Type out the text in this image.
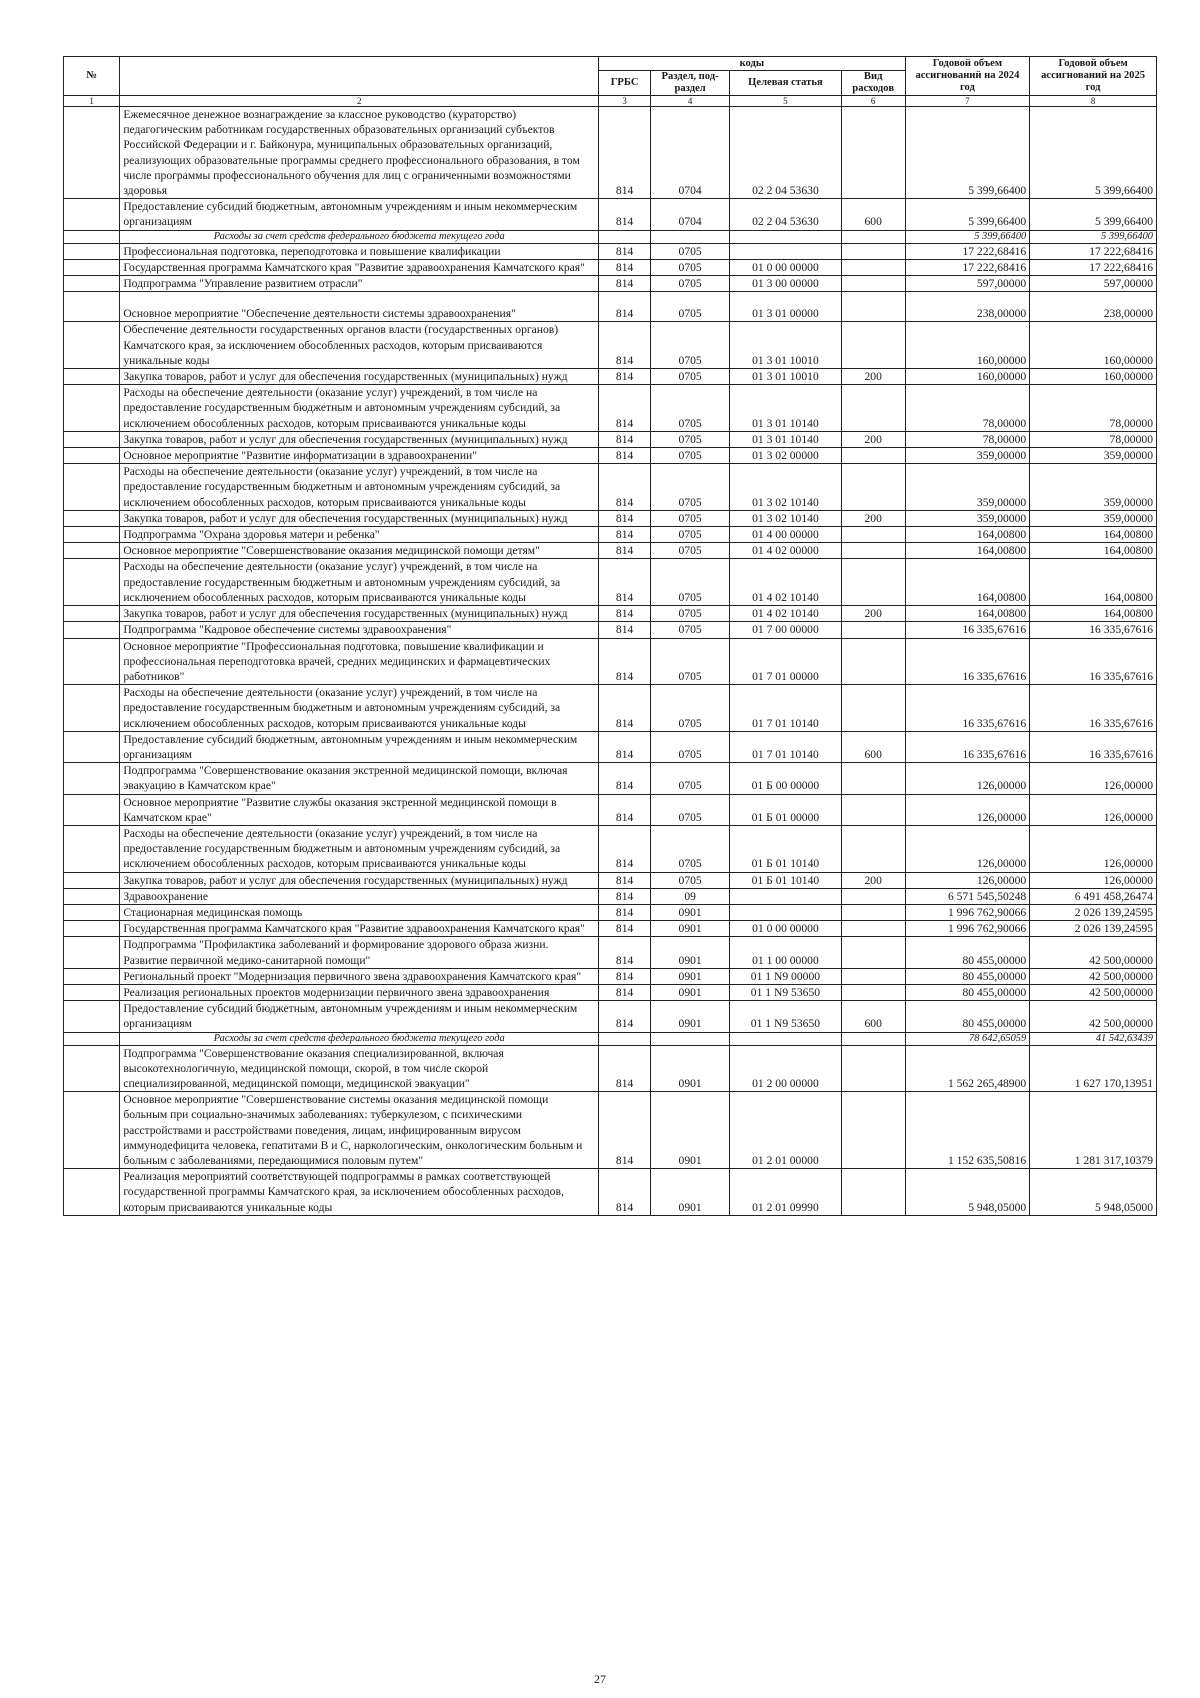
№		коды				Годовой объем ассигнований на 2024 год	Годовой объем ассигнований на 2025 год
		ГРБС	Раздел, под-раздел	Целевая статья	Вид расходов		
1	2	3	4	5	6	7	8
	Ежемесячное денежное вознаграждение за классное руководство (кураторство) педагогическим работникам государственных образовательных организаций субъектов Российской Федерации и г. Байконура, муниципальных образовательных организаций, реализующих образовательные программы среднего профессионального образования, в том числе программы профессионального обучения для лиц с ограниченными возможностями здоровья	814	0704	02 2 04 53630		5 399,66400	5 399,66400
	Предоставление субсидий бюджетным, автономным учреждениям и иным некоммерческим организациям	814	0704	02 2 04 53630	600	5 399,66400	5 399,66400
	Расходы за счет средств федерального бюджета текущего года					5 399,66400	5 399,66400
	Профессиональная подготовка, переподготовка и повышение квалификации	814	0705			17 222,68416	17 222,68416
	Государственная программа Камчатского края "Развитие здравоохранения Камчатского края"	814	0705	01 0 00 00000		17 222,68416	17 222,68416
	Подпрограмма "Управление развитием отрасли"	814	0705	01 3 00 00000		597,00000	597,00000
	Основное мероприятие "Обеспечение деятельности системы здравоохранения"	814	0705	01 3 01 00000		238,00000	238,00000
	Обеспечение деятельности государственных органов власти (государственных органов) Камчатского края, за исключением обособленных расходов, которым присваиваются уникальные коды	814	0705	01 3 01 10010		160,00000	160,00000
	Закупка товаров, работ и услуг для обеспечения государственных (муниципальных) нужд	814	0705	01 3 01 10010	200	160,00000	160,00000
	Расходы на обеспечение деятельности (оказание услуг) учреждений, в том числе на предоставление государственным бюджетным и автономным учреждениям субсидий, за исключением обособленных расходов, которым присваиваются уникальные коды	814	0705	01 3 01 10140		78,00000	78,00000
	Закупка товаров, работ и услуг для обеспечения государственных (муниципальных) нужд	814	0705	01 3 01 10140	200	78,00000	78,00000
	Основное мероприятие "Развитие информатизации в здравоохранении"	814	0705	01 3 02 00000		359,00000	359,00000
	Расходы на обеспечение деятельности (оказание услуг) учреждений, в том числе на предоставление государственным бюджетным и автономным учреждениям субсидий, за исключением обособленных расходов, которым присваиваются уникальные коды	814	0705	01 3 02 10140		359,00000	359,00000
	Закупка товаров, работ и услуг для обеспечения государственных (муниципальных) нужд	814	0705	01 3 02 10140	200	359,00000	359,00000
	Подпрограмма "Охрана здоровья матери и ребенка"	814	0705	01 4 00 00000		164,00800	164,00800
	Основное мероприятие "Совершенствование оказания медицинской помощи детям"	814	0705	01 4 02 00000		164,00800	164,00800
	Расходы на обеспечение деятельности (оказание услуг) учреждений, в том числе на предоставление государственным бюджетным и автономным учреждениям субсидий, за исключением обособленных расходов, которым присваиваются уникальные коды	814	0705	01 4 02 10140		164,00800	164,00800
	Закупка товаров, работ и услуг для обеспечения государственных (муниципальных) нужд	814	0705	01 4 02 10140	200	164,00800	164,00800
	Подпрограмма "Кадровое обеспечение системы здравоохранения"	814	0705	01 7 00 00000		16 335,67616	16 335,67616
	Основное мероприятие "Профессиональная подготовка, повышение квалификации и профессиональная переподготовка врачей, средних медицинских и фармацевтических работников"	814	0705	01 7 01 00000		16 335,67616	16 335,67616
	Расходы на обеспечение деятельности (оказание услуг) учреждений, в том числе на предоставление государственным бюджетным и автономным учреждениям субсидий, за исключением обособленных расходов, которым присваиваются уникальные коды	814	0705	01 7 01 10140		16 335,67616	16 335,67616
	Предоставление субсидий бюджетным, автономным учреждениям и иным некоммерческим организациям	814	0705	01 7 01 10140	600	16 335,67616	16 335,67616
	Подпрограмма "Совершенствование оказания экстренной медицинской помощи, включая эвакуацию в Камчатском крае"	814	0705	01 Б 00 00000		126,00000	126,00000
	Основное мероприятие "Развитие службы оказания экстренной медицинской помощи в Камчатском крае"	814	0705	01 Б 01 00000		126,00000	126,00000
	Расходы на обеспечение деятельности (оказание услуг) учреждений, в том числе на предоставление государственным бюджетным и автономным учреждениям субсидий, за исключением обособленных расходов, которым присваиваются уникальные коды	814	0705	01 Б 01 10140		126,00000	126,00000
	Закупка товаров, работ и услуг для обеспечения государственных (муниципальных) нужд	814	0705	01 Б 01 10140	200	126,00000	126,00000
	Здравоохранение	814	09			6 571 545,50248	6 491 458,26474
	Стационарная медицинская помощь	814	0901			1 996 762,90066	2 026 139,24595
	Государственная программа Камчатского края "Развитие здравоохранения Камчатского края"	814	0901	01 0 00 00000		1 996 762,90066	2 026 139,24595
	Подпрограмма "Профилактика заболеваний и формирование здорового образа жизни. Развитие первичной медико-санитарной помощи"	814	0901	01 1 00 00000		80 455,00000	42 500,00000
	Региональный проект "Модернизация первичного звена здравоохранения Камчатского края"	814	0901	01 1 N9 00000		80 455,00000	42 500,00000
	Реализация региональных проектов модернизации первичного звена здравоохранения	814	0901	01 1 N9 53650		80 455,00000	42 500,00000
	Предоставление субсидий бюджетным, автономным учреждениям и иным некоммерческим организациям	814	0901	01 1 N9 53650	600	80 455,00000	42 500,00000
	Расходы за счет средств федерального бюджета текущего года					78 642,65059	41 542,63439
	Подпрограмма "Совершенствование оказания специализированной, включая высокотехнологичную, медицинской помощи, скорой, в том числе скорой специализированной, медицинской помощи, медицинской эвакуации"	814	0901	01 2 00 00000		1 562 265,48900	1 627 170,13951
	Основное мероприятие "Совершенствование системы оказания медицинской помощи больным при социально-значимых заболеваниях: туберкулезом, с психическими расстройствами и расстройствами поведения, лицам, инфицированным вирусом иммунодефицита человека, гепатитами В и С, наркологическим, онкологическим больным и больным с заболеваниями, передающимися половым путем"	814	0901	01 2 01 00000		1 152 635,50816	1 281 317,10379
	Реализация мероприятий соответствующей подпрограммы в рамках соответствующей государственной программы Камчатского края, за исключением обособленных расходов, которым присваиваются уникальные коды	814	0901	01 2 01 09990		5 948,05000	5 948,05000
27
